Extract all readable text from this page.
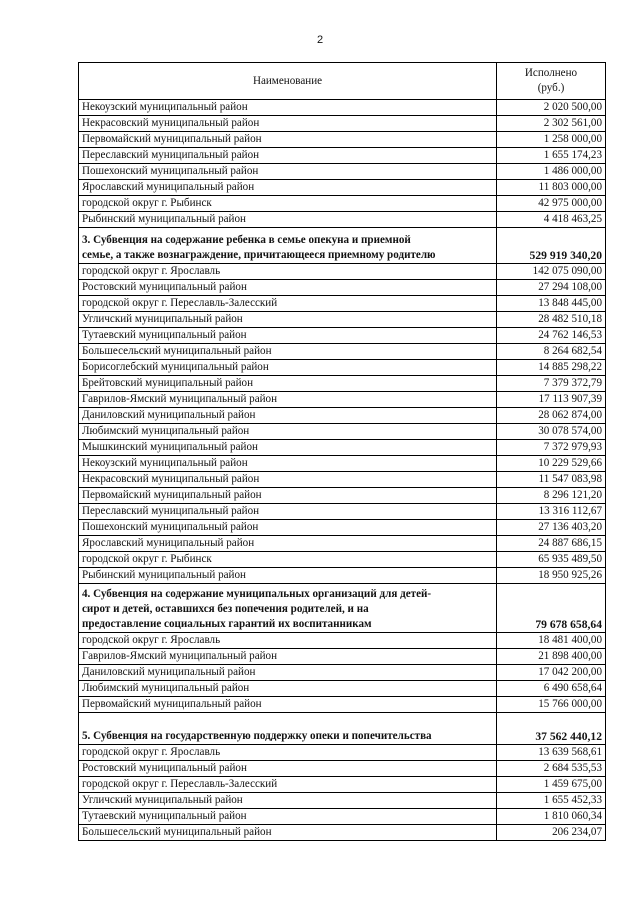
2
Наименование	Исполнено
(руб.)
Некоузский муниципальный район	2 020 500,00
Некрасовский муниципальный район	2 302 561,00
Первомайский муниципальный район	1 258 000,00
Переславский муниципальный район	1 655 174,23
Пошехонский муниципальный район	1 486 000,00
Ярославский муниципальный район	11 803 000,00
городской округ г. Рыбинск	42 975 000,00
Рыбинский муниципальный район	4 418 463,25
3. Субвенция на содержание ребенка в семье опекуна и приемной
семье, а также вознаграждение, причитающееся приемному родителю	529 919 340,20
городской округ г. Ярославль	142 075 090,00
Ростовский муниципальный район	27 294 108,00
городской округ г. Переславль-Залесский	13 848 445,00
Угличский муниципальный район	28 482 510,18
Тутаевский муниципальный район	24 762 146,53
Большесельский муниципальный район	8 264 682,54
Борисоглебский муниципальный район	14 885 298,22
Брейтовский муниципальный район	7 379 372,79
Гаврилов-Ямский муниципальный район	17 113 907,39
Даниловский муниципальный район	28 062 874,00
Любимский муниципальный район	30 078 574,00
Мышкинский муниципальный район	7 372 979,93
Некоузский муниципальный район	10 229 529,66
Некрасовский муниципальный район	11 547 083,98
Первомайский муниципальный район	8 296 121,20
Переславский муниципальный район	13 316 112,67
Пошехонский муниципальный район	27 136 403,20
Ярославский муниципальный район	24 887 686,15
городской округ г. Рыбинск	65 935 489,50
Рыбинский муниципальный район	18 950 925,26
4. Субвенция на содержание муниципальных организаций для детей-
сирот и детей, оставшихся без попечения родителей, и на
предоставление социальных гарантий их воспитанникам	79 678 658,64
городской округ г. Ярославль	18 481 400,00
Гаврилов-Ямский муниципальный район	21 898 400,00
Даниловский муниципальный район	17 042 200,00
Любимский муниципальный район	6 490 658,64
Первомайский муниципальный район	15 766 000,00
5. Субвенция на государственную поддержку опеки и попечительства	37 562 440,12
городской округ г. Ярославль	13 639 568,61
Ростовский муниципальный район	2 684 535,53
городской округ г. Переславль-Залесский	1 459 675,00
Угличский муниципальный район	1 655 452,33
Тутаевский муниципальный район	1 810 060,34
Большесельский муниципальный район	206 234,07
